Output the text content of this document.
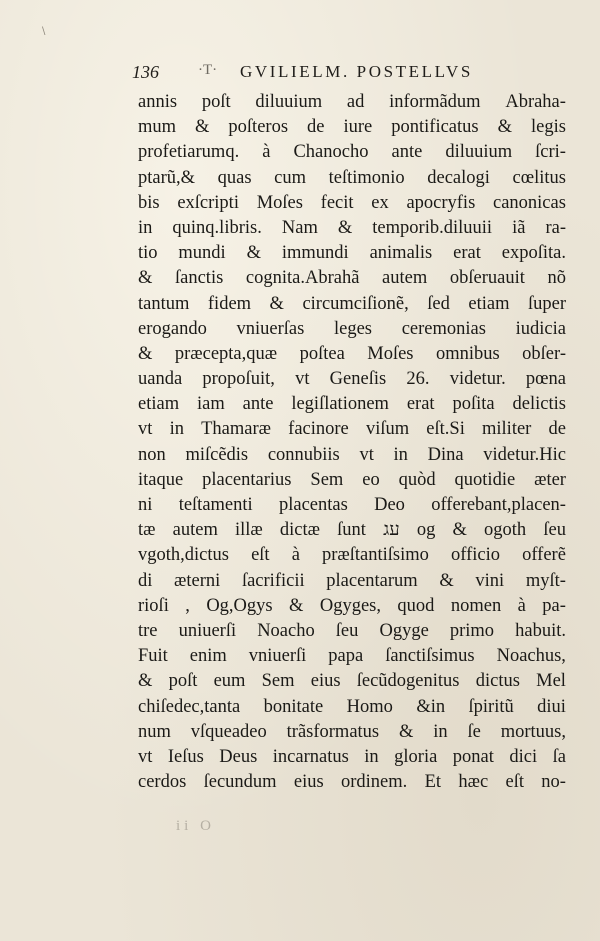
\
136	·T· GVILIELM. POSTELLVS
annis poſt diluuium ad informãdum Abraha-
mum & poſteros de iure pontificatus & legis
profetiarumq. à Chanocho ante diluuium ſcri-
ptarũ,& quas cum teſtimonio decalogi cœlitus
bis exſcripti Moſes fecit ex apocryfis canonicas
in quinq.libris. Nam & temporib.diluuii iã ra-
tio mundi & immundi animalis erat expoſita.
& ſanctis cognita.Abrahã autem obſeruauit nõ
tantum fidem & circumciſionẽ, ſed etiam ſuper
erogando vniuerſas leges ceremonias iudicia
& præcepta,quæ poſtea Moſes omnibus obſer-
uanda propoſuit, vt Geneſis 26. videtur. pœna
etiam iam ante legiſlationem erat poſita delictis
vt in Thamaræ facinore viſum eſt.Si militer de
non miſcẽdis connubiis vt in Dina videtur.Hic
itaque placentarius Sem eo quòd quotidie æter
ni teſtamenti placentas Deo offerebant,placen-
tæ autem illæ dictæ ſunt עג og & ogoth ſeu
vgoth,dictus eſt à præſtantiſsimo officio offerẽ
di æterni ſacrificii placentarum & vini myſt-
rioſi , Og,Ogys & Ogyges, quod nomen à pa-
tre uniuerſi Noacho ſeu Ogyge primo habuit.
Fuit enim vniuerſi papa ſanctiſsimus Noachus,
& poſt eum Sem eius ſecũdogenitus dictus Mel
chiſedec,tanta bonitate Homo &in ſpiritũ diui
num vſqueadeo trãsformatus & in ſe mortuus,
vt Ieſus Deus incarnatus in gloria ponat dici ſa
cerdos ſecundum eius ordinem. Et hæc eſt no-
ii O
